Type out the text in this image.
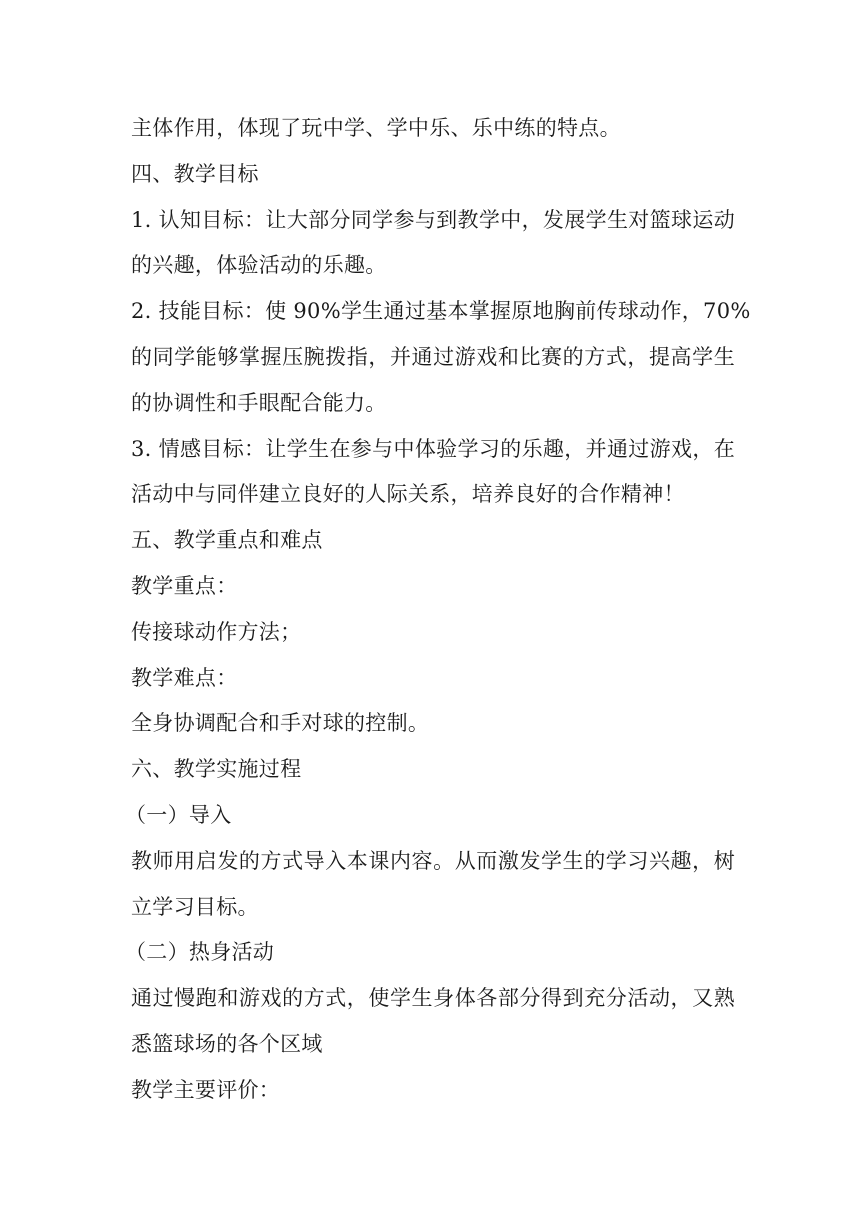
主体作用，体现了玩中学、学中乐、乐中练的特点。
四、教学目标
1. 认知目标：让大部分同学参与到教学中，发展学生对篮球运动
的兴趣，体验活动的乐趣。
2. 技能目标：使 90%学生通过基本掌握原地胸前传球动作，70%
的同学能够掌握压腕拨指，并通过游戏和比赛的方式，提高学生
的协调性和手眼配合能力。
3. 情感目标：让学生在参与中体验学习的乐趣，并通过游戏，在
活动中与同伴建立良好的人际关系，培养良好的合作精神！
五、教学重点和难点
教学重点：
传接球动作方法；
教学难点：
全身协调配合和手对球的控制。
六、教学实施过程
（一）导入
教师用启发的方式导入本课内容。从而激发学生的学习兴趣，树
立学习目标。
（二）热身活动
通过慢跑和游戏的方式，使学生身体各部分得到充分活动，又熟
悉篮球场的各个区域
教学主要评价：
